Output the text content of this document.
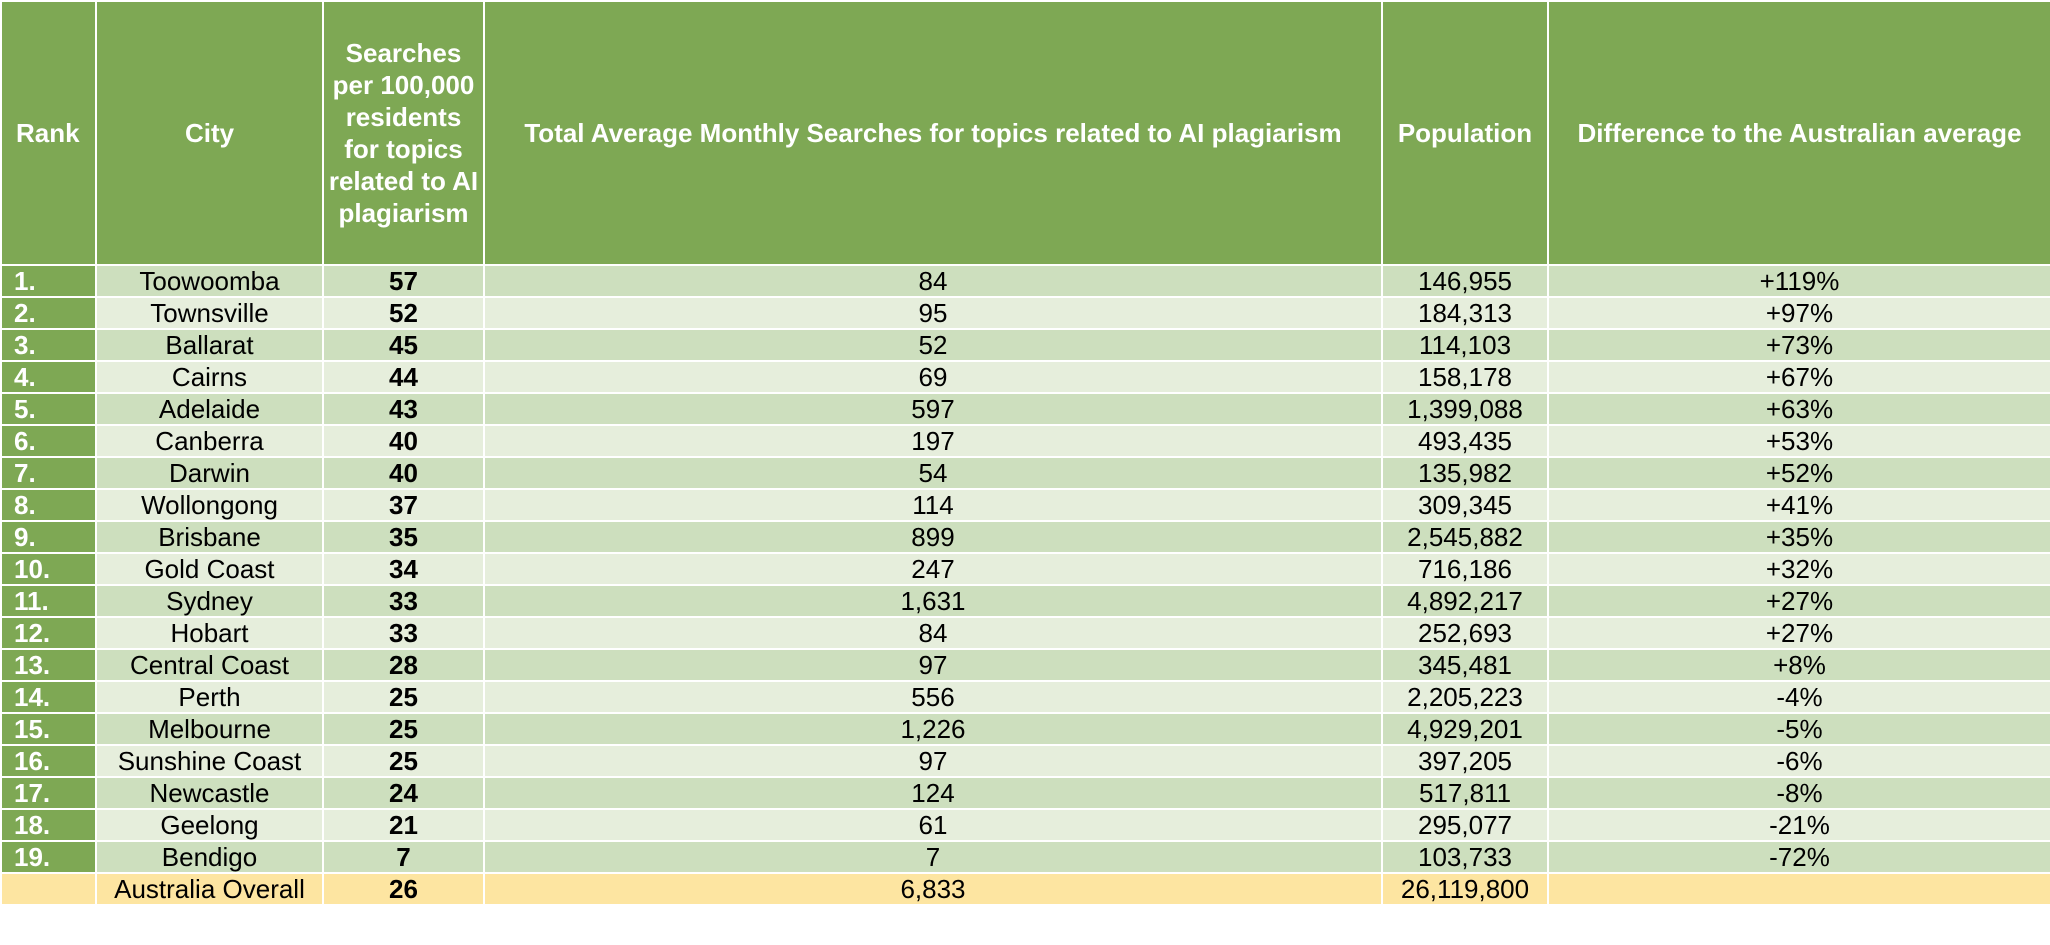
Rank	City	Searches per 100,000 residents for topics related to AI plagiarism	Total Average Monthly Searches for topics related to AI plagiarism	Population	Difference to the Australian average
1.	Toowoomba	57	84	146,955	+119%
2.	Townsville	52	95	184,313	+97%
3.	Ballarat	45	52	114,103	+73%
4.	Cairns	44	69	158,178	+67%
5.	Adelaide	43	597	1,399,088	+63%
6.	Canberra	40	197	493,435	+53%
7.	Darwin	40	54	135,982	+52%
8.	Wollongong	37	114	309,345	+41%
9.	Brisbane	35	899	2,545,882	+35%
10.	Gold Coast	34	247	716,186	+32%
11.	Sydney	33	1,631	4,892,217	+27%
12.	Hobart	33	84	252,693	+27%
13.	Central Coast	28	97	345,481	+8%
14.	Perth	25	556	2,205,223	-4%
15.	Melbourne	25	1,226	4,929,201	-5%
16.	Sunshine Coast	25	97	397,205	-6%
17.	Newcastle	24	124	517,811	-8%
18.	Geelong	21	61	295,077	-21%
19.	Bendigo	7	7	103,733	-72%
	Australia Overall	26	6,833	26,119,800	
